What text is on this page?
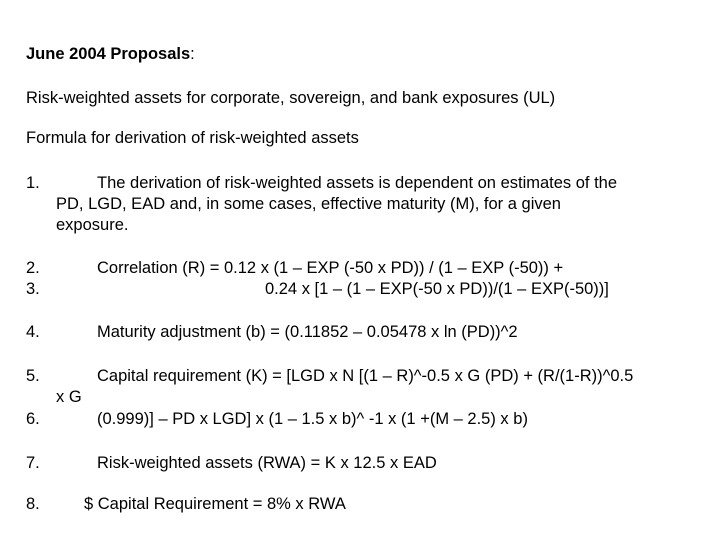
June 2004 Proposals:
Risk-weighted assets for corporate, sovereign, and bank exposures (UL)
Formula for derivation of risk-weighted assets
1.	The derivation of risk-weighted assets is dependent on estimates of the
PD, LGD, EAD and, in some cases, effective maturity (M), for a given
exposure.
2.	Correlation (R) = 0.12 x (1 – EXP (-50 x PD)) / (1 – EXP (-50)) +
3.	0.24 x [1 – (1 – EXP(-50 x PD))/(1 – EXP(-50))]
4.	Maturity adjustment (b) = (0.11852 – 0.05478 x ln (PD))^2
5.	Capital requirement (K) = [LGD x N [(1 – R)^-0.5 x G (PD) + (R/(1-R))^0.5
x G
6.	(0.999)] – PD x LGD] x (1 – 1.5 x b)^ -1 x (1 +(M – 2.5) x b)
7.	Risk-weighted assets (RWA) = K x 12.5 x EAD
8.	$ Capital Requirement = 8% x RWA
